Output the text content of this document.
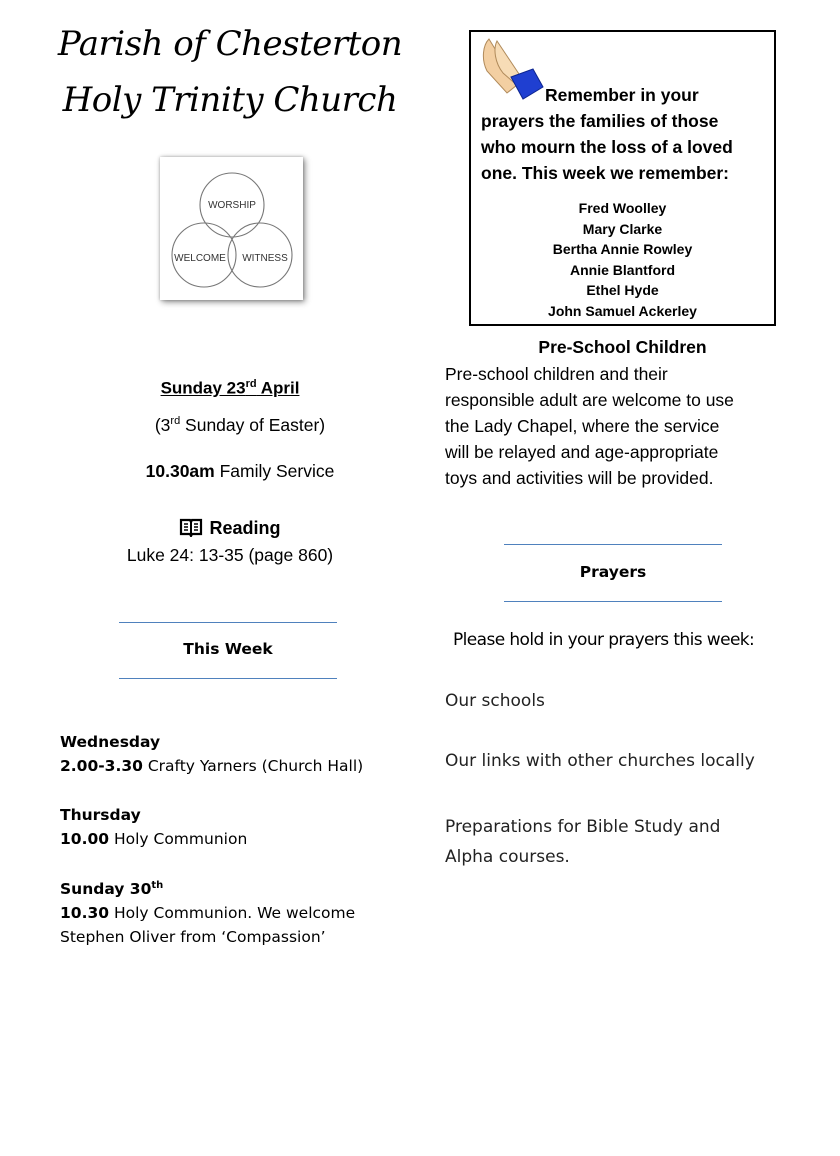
Parish of Chesterton
Holy Trinity Church
WORSHIP
WELCOME WITNESS
Sunday 23rd April
(3rd Sunday of Easter)
10.30am Family Service
Reading
Luke 24: 13-35 (page 860)
This Week
Wednesday
2.00-3.30 Crafty Yarners (Church Hall)
Thursday
10.00 Holy Communion
Sunday 30th
10.30 Holy Communion. We welcome
Stephen Oliver from ‘Compassion’
Remember in your
prayers the families of those
who mourn the loss of a loved
one. This week we remember:
Fred Woolley
Mary Clarke
Bertha Annie Rowley
Annie Blantford
Ethel Hyde
John Samuel Ackerley
Pre-School Children
Pre-school children and their
responsible adult are welcome to use
the Lady Chapel, where the service
will be relayed and age-appropriate
toys and activities will be provided.
Prayers
Please hold in your prayers this week:
Our schools
Our links with other churches locally
Preparations for Bible Study and
Alpha courses.
